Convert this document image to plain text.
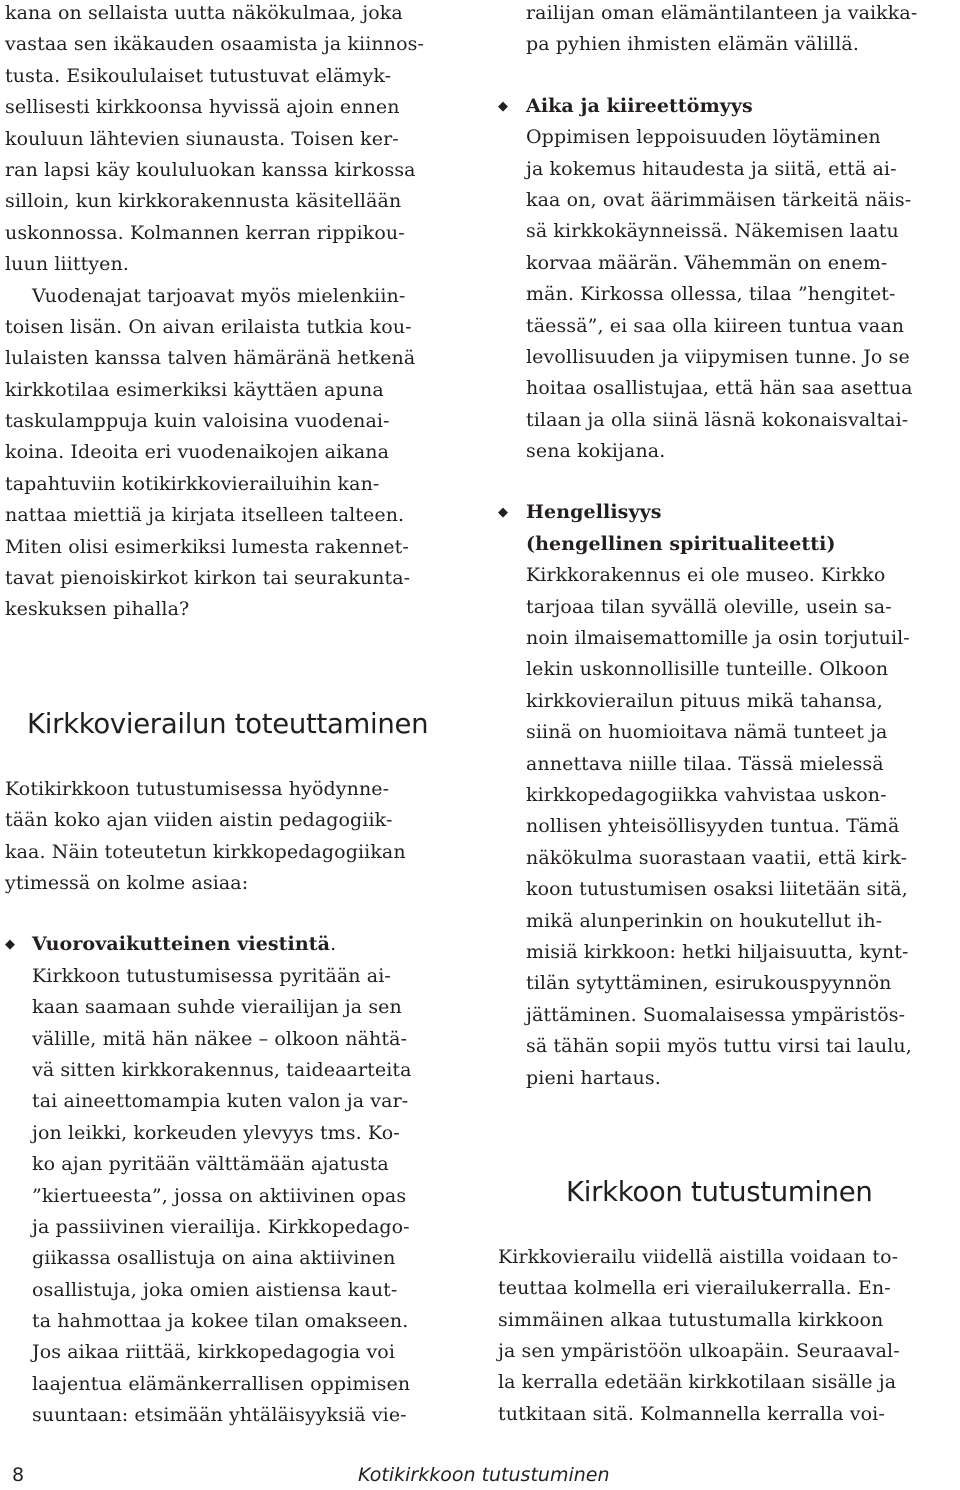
kana on sellaista uutta näkökulmaa, joka
vastaa sen ikäkauden osaamista ja kiinnos-
tusta. Esikoululaiset tutustuvat elämyk-
sellisesti kirkkoonsa hyvissä ajoin ennen
kouluun lähtevien siunausta. Toisen ker-
ran lapsi käy koululuokan kanssa kirkossa
silloin, kun kirkkorakennusta käsitellään
uskonnossa. Kolmannen kerran rippikou-
luun liittyen.
Vuodenajat tarjoavat myös mielenkiin-
toisen lisän. On aivan erilaista tutkia kou-
lulaisten kanssa talven hämäränä hetkenä
kirkkotilaa esimerkiksi käyttäen apuna
taskulamppuja kuin valoisina vuodenai-
koina. Ideoita eri vuodenaikojen aikana
tapahtuviin kotikirkkovierailuihin kan-
nattaa miettiä ja kirjata itselleen talteen.
Miten olisi esimerkiksi lumesta rakennet-
tavat pienoiskirkot kirkon tai seurakunta-
keskuksen pihalla?
Kirkkovierailun toteuttaminen
Kotikirkkoon tutustumisessa hyödynne-
tään koko ajan viiden aistin pedagogiik-
kaa. Näin toteutetun kirkkopedagogiikan
ytimessä on kolme asiaa:
◆ Vuorovaikutteinen viestintä.
Kirkkoon tutustumisessa pyritään ai-
kaan saamaan suhde vierailijan ja sen
välille, mitä hän näkee – olkoon nähtä-
vä sitten kirkkorakennus, taideaarteita
tai aineettomampia kuten valon ja var-
jon leikki, korkeuden ylevyys tms. Ko-
ko ajan pyritään välttämään ajatusta
”kiertueesta”, jossa on aktiivinen opas
ja passiivinen vierailija. Kirkkopedago-
giikassa osallistuja on aina aktiivinen
osallistuja, joka omien aistiensa kaut-
ta hahmottaa ja kokee tilan omakseen.
Jos aikaa riittää, kirkkopedagogia voi
laajentua elämänkerrallisen oppimisen
suuntaan: etsimään yhtäläisyyksiä vie-
railijan oman elämäntilanteen ja vaikka-
pa pyhien ihmisten elämän välillä.
◆ Aika ja kiireettömyys
Oppimisen leppoisuuden löytäminen
ja kokemus hitaudesta ja siitä, että ai-
kaa on, ovat äärimmäisen tärkeitä näis-
sä kirkkokäynneissä. Näkemisen laatu
korvaa määrän. Vähemmän on enem-
män. Kirkossa ollessa, tilaa ”hengitet-
täessä”, ei saa olla kiireen tuntua vaan
levollisuuden ja viipymisen tunne. Jo se
hoitaa osallistujaa, että hän saa asettua
tilaan ja olla siinä läsnä kokonaisvaltai-
sena kokijana.
◆ Hengellisyys
(hengellinen spiritualiteetti)
Kirkkorakennus ei ole museo. Kirkko
tarjoaa tilan syvällä oleville, usein sa-
noin ilmaisemattomille ja osin torjutuil-
lekin uskonnollisille tunteille. Olkoon
kirkkovierailun pituus mikä tahansa,
siinä on huomioitava nämä tunteet ja
annettava niille tilaa. Tässä mielessä
kirkkopedagogiikka vahvistaa uskon-
nollisen yhteisöllisyyden tuntua. Tämä
näkökulma suorastaan vaatii, että kirk-
koon tutustumisen osaksi liitetään sitä,
mikä alunperinkin on houkutellut ih-
misiä kirkkoon: hetki hiljaisuutta, kynt-
tilän sytyttäminen, esirukouspyynnön
jättäminen. Suomalaisessa ympäristös-
sä tähän sopii myös tuttu virsi tai laulu,
pieni hartaus.
Kirkkoon tutustuminen
Kirkkovierailu viidellä aistilla voidaan to-
teuttaa kolmella eri vierailukerralla. En-
simmäinen alkaa tutustumalla kirkkoon
ja sen ympäristöön ulkoapäin. Seuraaval-
la kerralla edetään kirkkotilaan sisälle ja
tutkitaan sitä. Kolmannella kerralla voi-
8	Kotikirkkoon tutustuminen
